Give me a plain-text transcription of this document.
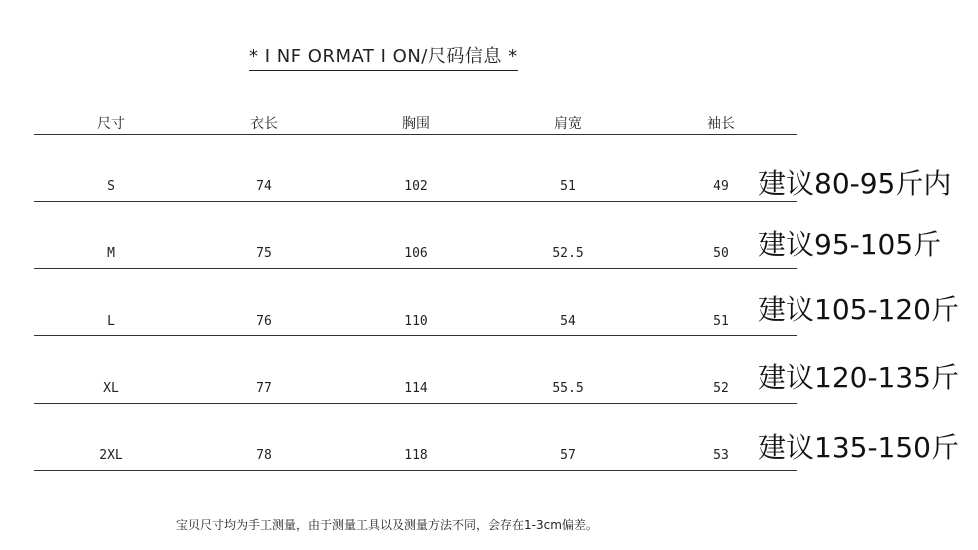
* I NF ORMAT I ON/尺码信息 *
尺寸	衣长	胸围	肩宽	袖长
S	74	102	51	49	建议80-95斤内
M	75	106	52.5	50	建议95-105斤
L	76	110	54	51	建议105-120斤
XL	77	114	55.5	52	建议120-135斤
2XL	78	118	57	53	建议135-150斤
宝贝尺寸均为手工测量，由于测量工具以及测量方法不同，会存在1-3cm偏差。
